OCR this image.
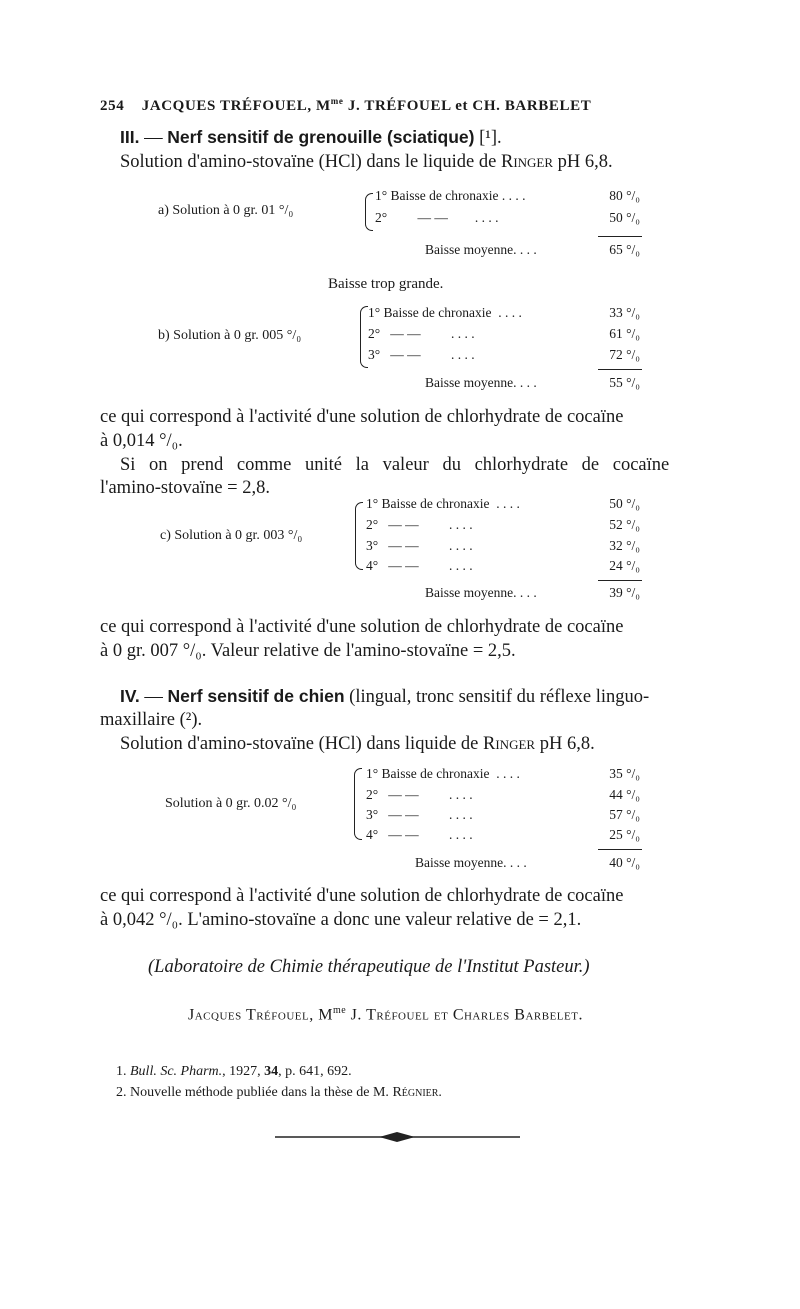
254 JACQUES TRÉFOUEL, $M^{me}$ J. TRÉFOUEL et CH. BARBELET
III. — Nerf sensitif de grenouille (sciatique) [¹].
Solution d'amino-stovaïne (HCl) dans le liquide de Ringer pH 6,8.
a) Solution à 0 gr. 01 °/₀
1° Baisse de chronaxie . . . .	80 °/₀
2° — — . . . .	50 °/₀
Baisse moyenne. . . .	65 °/₀
Baisse trop grande.
b) Solution à 0 gr. 005 °/₀
1° Baisse de chronaxie . . . .	33 °/₀
2° — — . . . .	61 °/₀
3° — — . . . .	72 °/₀
Baisse moyenne. . . .	55 °/₀
ce qui correspond à l'activité d'une solution de chlorhydrate de cocaïne
à 0,014 °/₀.
Si on prend comme unité la valeur du chlorhydrate de cocaïne
l'amino-stovaïne = 2,8.
c) Solution à 0 gr. 003 °/₀
1° Baisse de chronaxie . . . .	50 °/₀
2° — — . . . .	52 °/₀
3° — — . . . .	32 °/₀
4° — — . . . .	24 °/₀
Baisse moyenne. . . .	39 °/₀
ce qui correspond à l'activité d'une solution de chlorhydrate de cocaïne
à 0 gr. 007 °/₀. Valeur relative de l'amino-stovaïne = 2,5.
IV. — Nerf sensitif de chien (lingual, tronc sensitif du réflexe linguo-
maxillaire (²).
Solution d'amino-stovaïne (HCl) dans liquide de Ringer pH 6,8.
Solution à 0 gr. 0.02 °/₀
1° Baisse de chronaxie . . . .	35 °/₀
2° — — . . . .	44 °/₀
3° — — . . . .	57 °/₀
4° — — . . . .	25 °/₀
Baisse moyenne. . . .	40 °/₀
ce qui correspond à l'activité d'une solution de chlorhydrate de cocaïne
à 0,042 °/₀. L'amino-stovaïne a donc une valeur relative de = 2,1.
(Laboratoire de Chimie thérapeutique de l'Institut Pasteur.)
Jacques Tréfouel, $M^{me}$ J. Tréfouel et Charles Barbelet.
1. Bull. Sc. Pharm., 1927, 34, p. 641, 692.
2. Nouvelle méthode publiée dans la thèse de M. Régnier.
